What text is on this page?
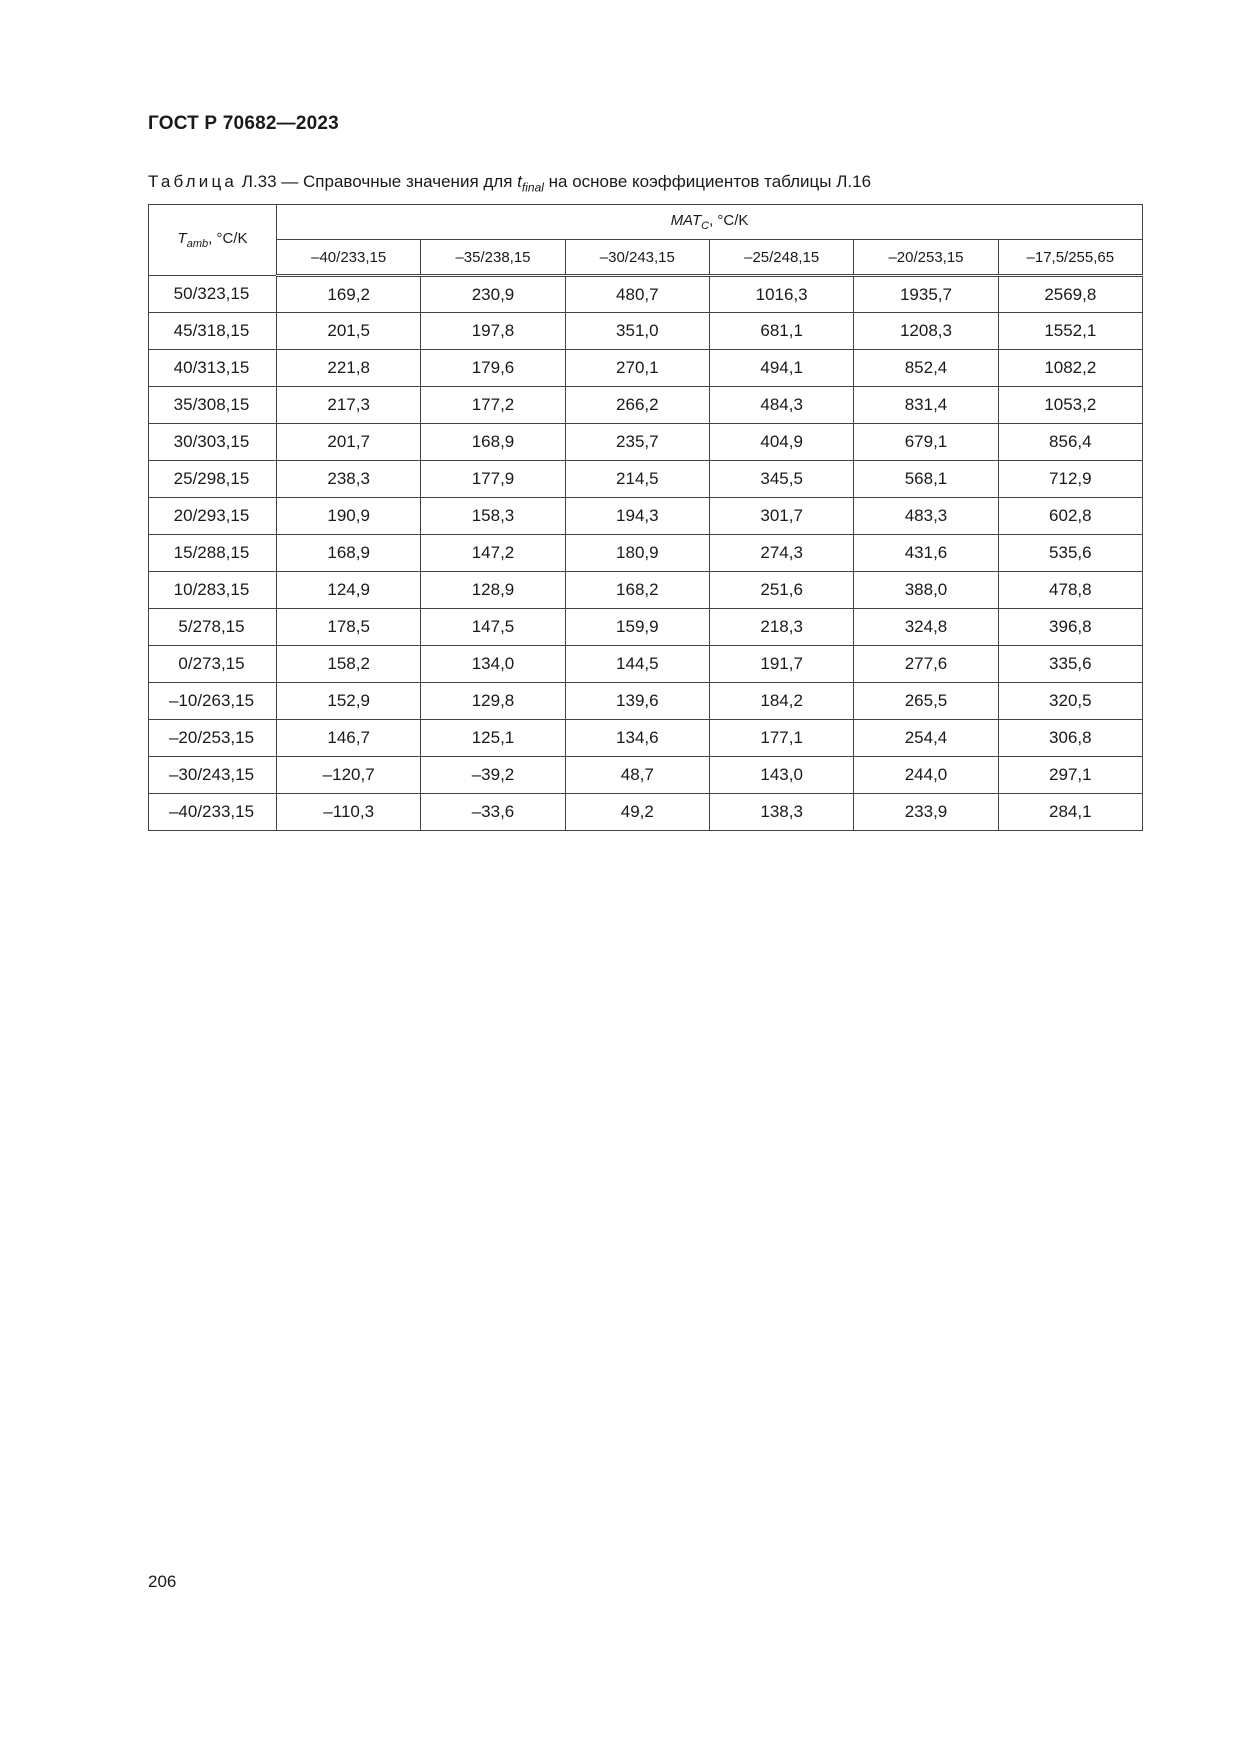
ГОСТ Р 70682—2023
Таблица Л.33 — Справочные значения для $t_{final}$ на основе коэффициентов таблицы Л.16
$T_{amb}$, °C/K	$MAT_C$, °C/K					
	–40/233,15	–35/238,15	–30/243,15	–25/248,15	–20/253,15	–17,5/255,65
50/323,15	169,2	230,9	480,7	1016,3	1935,7	2569,8
45/318,15	201,5	197,8	351,0	681,1	1208,3	1552,1
40/313,15	221,8	179,6	270,1	494,1	852,4	1082,2
35/308,15	217,3	177,2	266,2	484,3	831,4	1053,2
30/303,15	201,7	168,9	235,7	404,9	679,1	856,4
25/298,15	238,3	177,9	214,5	345,5	568,1	712,9
20/293,15	190,9	158,3	194,3	301,7	483,3	602,8
15/288,15	168,9	147,2	180,9	274,3	431,6	535,6
10/283,15	124,9	128,9	168,2	251,6	388,0	478,8
5/278,15	178,5	147,5	159,9	218,3	324,8	396,8
0/273,15	158,2	134,0	144,5	191,7	277,6	335,6
–10/263,15	152,9	129,8	139,6	184,2	265,5	320,5
–20/253,15	146,7	125,1	134,6	177,1	254,4	306,8
–30/243,15	–120,7	–39,2	48,7	143,0	244,0	297,1
–40/233,15	–110,3	–33,6	49,2	138,3	233,9	284,1
206
